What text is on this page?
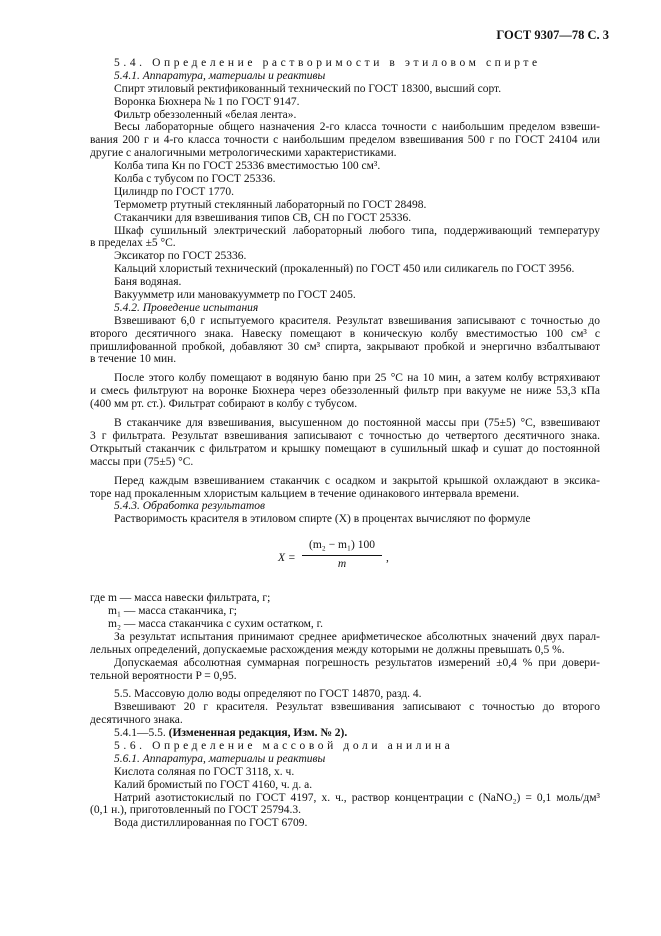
ГОСТ 9307—78 С. 3
5.4. Определение растворимости в этиловом спирте
5.4.1. Аппаратура, материалы и реактивы
Спирт этиловый ректификованный технический по ГОСТ 18300, высший сорт.
Воронка Бюхнера № 1 по ГОСТ 9147.
Фильтр обеззоленный «белая лента».
Весы лабораторные общего назначения 2-го класса точности с наибольшим пределом взвеши-
вания 200 г и 4-го класса точности с наибольшим пределом взвешивания 500 г по ГОСТ 24104 или
другие с аналогичными метрологическими характеристиками.
Колба типа Кн по ГОСТ 25336 вместимостью 100 см³.
Колба с тубусом по ГОСТ 25336.
Цилиндр по ГОСТ 1770.
Термометр ртутный стеклянный лабораторный по ГОСТ 28498.
Стаканчики для взвешивания типов СВ, СН по ГОСТ 25336.
Шкаф сушильный электрический лабораторный любого типа, поддерживающий температуру
в пределах ±5 °С.
Эксикатор по ГОСТ 25336.
Кальций хлористый технический (прокаленный) по ГОСТ 450 или силикагель по ГОСТ 3956.
Баня водяная.
Вакуумметр или мановакуумметр по ГОСТ 2405.
5.4.2. Проведение испытания
Взвешивают 6,0 г испытуемого красителя. Результат взвешивания записывают с точностью до
второго десятичного знака. Навеску помещают в коническую колбу вместимостью 100 см³ с
пришлифованной пробкой, добавляют 30 см³ спирта, закрывают пробкой и энергично взбалтывают
в течение 10 мин.
После этого колбу помещают в водяную баню при 25 °С на 10 мин, а затем колбу встряхивают
и смесь фильтруют на воронке Бюхнера через обеззоленный фильтр при вакууме не ниже 53,3 кПа
(400 мм рт. ст.). Фильтрат собирают в колбу с тубусом.
В стаканчике для взвешивания, высушенном до постоянной массы при (75±5) °С, взвешивают
3 г фильтрата. Результат взвешивания записывают с точностью до четвертого десятичного знака.
Открытый стаканчик с фильтратом и крышку помещают в сушильный шкаф и сушат до постоянной
массы при (75±5) °С.
Перед каждым взвешиванием стаканчик с осадком и закрытой крышкой охлаждают в эксика-
торе над прокаленным хлористым кальцием в течение одинакового интервала времени.
5.4.3. Обработка результатов
Растворимость красителя в этиловом спирте (X) в процентах вычисляют по формуле
X =
(m₂ − m₁) 100
m	,
где m — масса навески фильтрата, г;
m₁ — масса стаканчика, г;
m₂ — масса стаканчика с сухим остатком, г.
За результат испытания принимают среднее арифметическое абсолютных значений двух парал-
лельных определений, допускаемые расхождения между которыми не должны превышать 0,5 %.
Допускаемая абсолютная суммарная погрешность результатов измерений ±0,4 % при довери-
тельной вероятности P = 0,95.
5.5. Массовую долю воды определяют по ГОСТ 14870, разд. 4.
Взвешивают 20 г красителя. Результат взвешивания записывают с точностью до второго
десятичного знака.
5.4.1—5.5. (Измененная редакция, Изм. № 2).
5.6. Определение массовой доли анилина
5.6.1. Аппаратура, материалы и реактивы
Кислота соляная по ГОСТ 3118, х. ч.
Калий бромистый по ГОСТ 4160, ч. д. а.
Натрий азотистокислый по ГОСТ 4197, х. ч., раствор концентрации c (NaNO₂) = 0,1 моль/дм³
(0,1 н.), приготовленный по ГОСТ 25794.3.
Вода дистиллированная по ГОСТ 6709.
